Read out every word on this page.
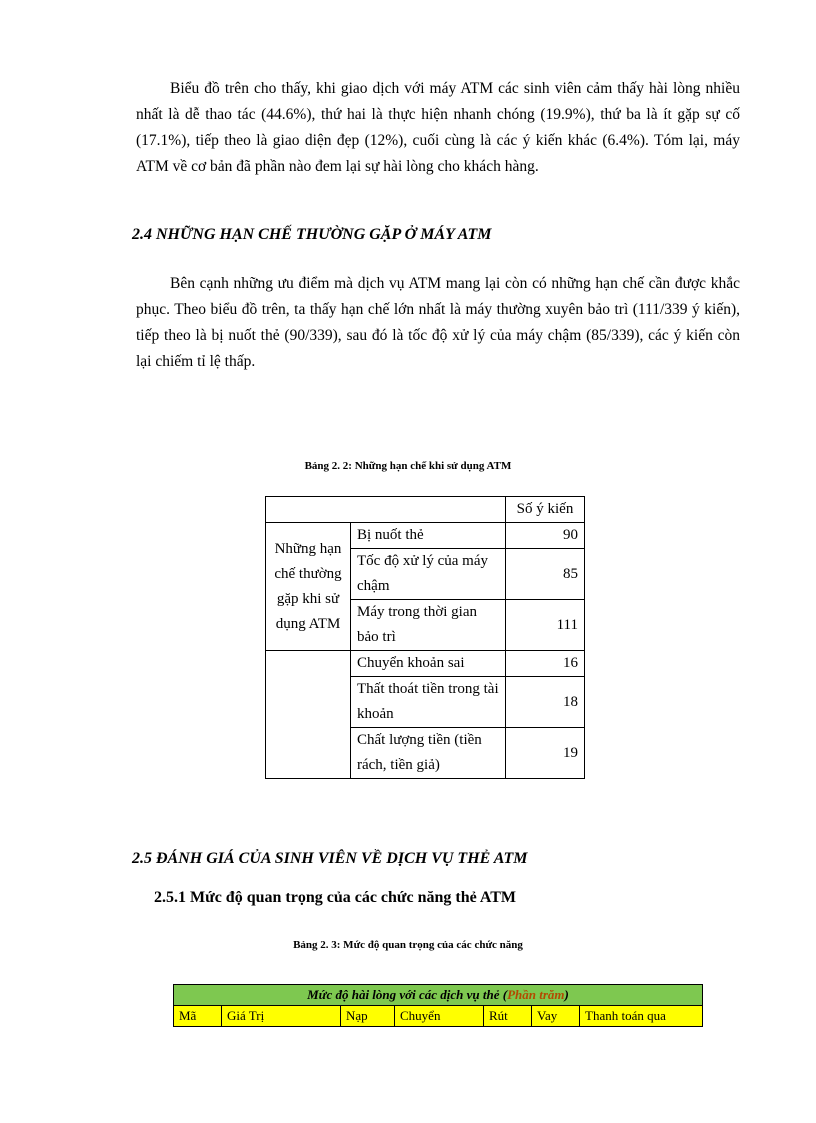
Biểu đồ trên cho thấy, khi giao dịch với máy ATM các sinh viên cảm thấy hài lòng nhiều nhất là dễ thao tác (44.6%), thứ hai là thực hiện nhanh chóng (19.9%), thứ ba là ít gặp sự cố (17.1%), tiếp theo là giao diện đẹp (12%), cuối cùng là các ý kiến khác (6.4%). Tóm lại, máy ATM về cơ bản đã phần nào đem lại sự hài lòng cho khách hàng.

2.4 NHỮNG HẠN CHẾ THƯỜNG GẶP Ở MÁY ATM

Bên cạnh những ưu điểm mà dịch vụ ATM mang lại còn có những hạn chế cần được khắc phục. Theo biểu đồ trên, ta thấy hạn chế lớn nhất là máy thường xuyên bảo trì (111/339 ý kiến), tiếp theo là bị nuốt thẻ (90/339), sau đó là tốc độ xử lý của máy chậm (85/339), các ý kiến còn lại chiếm tỉ lệ thấp.

Bảng 2. 2: Những hạn chế khi sử dụng ATM

		Số ý kiến
Những hạn chế thường gặp khi sử dụng ATM	Bị nuốt thẻ	90
	Tốc độ xử lý của máy chậm	85
	Máy trong thời gian bảo trì	111
	Chuyển khoản sai	16
	Thất thoát tiền trong tài khoản	18
	Chất lượng tiền (tiền rách, tiền giả)	19
2.5 ĐÁNH GIÁ CỦA SINH VIÊN VỀ DỊCH VỤ THẺ ATM
2.5.1 Mức độ quan trọng của các chức năng thẻ ATM

Bảng 2. 3: Mức độ quan trọng của các chức năng

Mức độ hài lòng với các dịch vụ thẻ (Phần trăm)
Mã	Giá Trị	Nạp	Chuyển	Rút	Vay	Thanh toán qua
